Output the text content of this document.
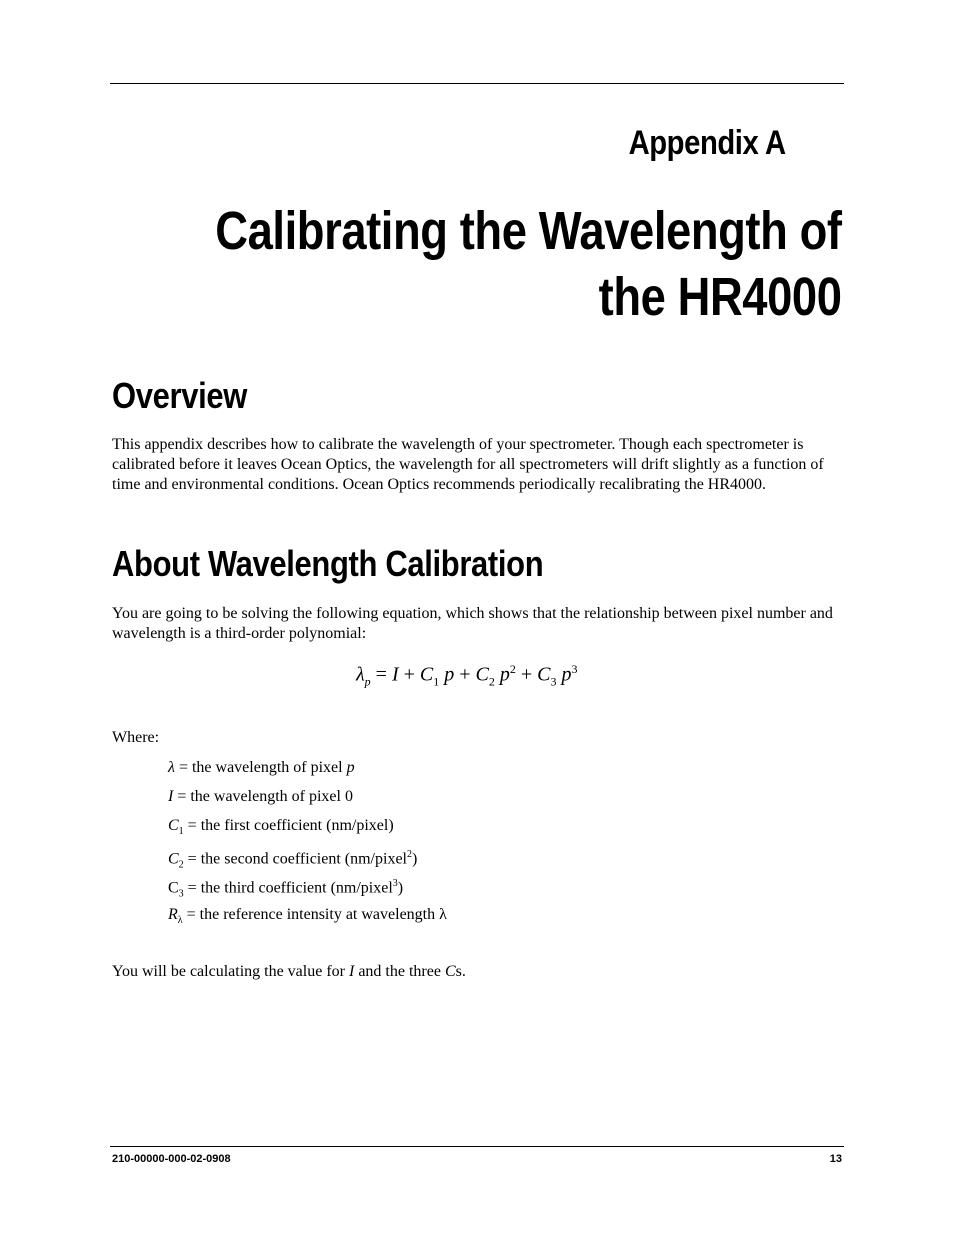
Appendix A
Calibrating the Wavelength of
the HR4000
Overview

This appendix describes how to calibrate the wavelength of your spectrometer. Though each spectrometer is calibrated before it leaves Ocean Optics, the wavelength for all spectrometers will drift slightly as a function of time and environmental conditions. Ocean Optics recommends periodically recalibrating the HR4000.

About Wavelength Calibration

You are going to be solving the following equation, which shows that the relationship between pixel number and wavelength is a third-order polynomial:

$\lambda_p = I + C_1$ $p + C_2$ $p^2 + C_3$ $p^3$
Where:
λ = the wavelength of pixel p
I = the wavelength of pixel 0
$C_1$ = the first coefficient (nm/pixel)
$C_2$ = the second coefficient (nm/pixel$^2$)
$C_3$ = the third coefficient (nm/pixel$^3$)
$R_\lambda$ = the reference intensity at wavelength λ
You will be calculating the value for I and the three Cs.
210-00000-000-02-0908	13
